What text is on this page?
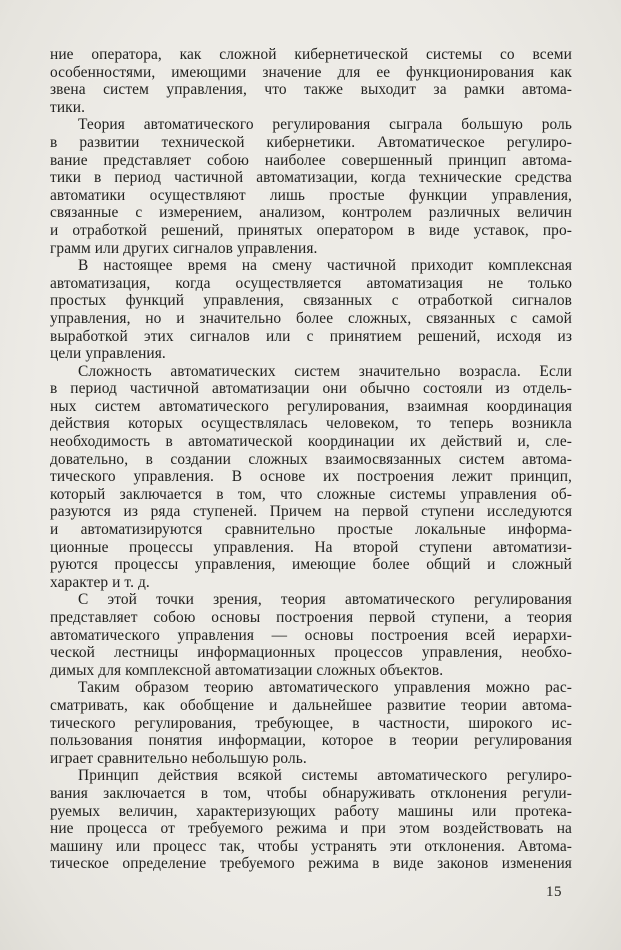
ние оператора, как сложной кибернетической системы со всеми
особенностями, имеющими значение для ее функционирования как
звена систем управления, что также выходит за рамки автома-
тики.
Теория автоматического регулирования сыграла большую роль
в развитии технической кибернетики. Автоматическое регулиро-
вание представляет собою наиболее совершенный принцип автома-
тики в период частичной автоматизации, когда технические средства
автоматики осуществляют лишь простые функции управления,
связанные с измерением, анализом, контролем различных величин
и отработкой решений, принятых оператором в виде уставок, про-
грамм или других сигналов управления.
В настоящее время на смену частичной приходит комплексная
автоматизация, когда осуществляется автоматизация не только
простых функций управления, связанных с отработкой сигналов
управления, но и значительно более сложных, связанных с самой
выработкой этих сигналов или с принятием решений, исходя из
цели управления.
Сложность автоматических систем значительно возрасла. Если
в период частичной автоматизации они обычно состояли из отдель-
ных систем автоматического регулирования, взаимная координация
действия которых осуществлялась человеком, то теперь возникла
необходимость в автоматической координации их действий и, сле-
довательно, в создании сложных взаимосвязанных систем автома-
тического управления. В основе их построения лежит принцип,
который заключается в том, что сложные системы управления об-
разуются из ряда ступеней. Причем на первой ступени исследуются
и автоматизируются сравнительно простые локальные информа-
ционные процессы управления. На второй ступени автоматизи-
руются процессы управления, имеющие более общий и сложный
характер и т. д.
С этой точки зрения, теория автоматического регулирования
представляет собою основы построения первой ступени, а теория
автоматического управления — основы построения всей иерархи-
ческой лестницы информационных процессов управления, необхо-
димых для комплексной автоматизации сложных объектов.
Таким образом теорию автоматического управления можно рас-
сматривать, как обобщение и дальнейшее развитие теории автома-
тического регулирования, требующее, в частности, широкого ис-
пользования понятия информации, которое в теории регулирования
играет сравнительно небольшую роль.
Принцип действия всякой системы автоматического регулиро-
вания заключается в том, чтобы обнаруживать отклонения регули-
руемых величин, характеризующих работу машины или протека-
ние процесса от требуемого режима и при этом воздействовать на
машину или процесс так, чтобы устранять эти отклонения. Автома-
тическое определение требуемого режима в виде законов изменения
15
